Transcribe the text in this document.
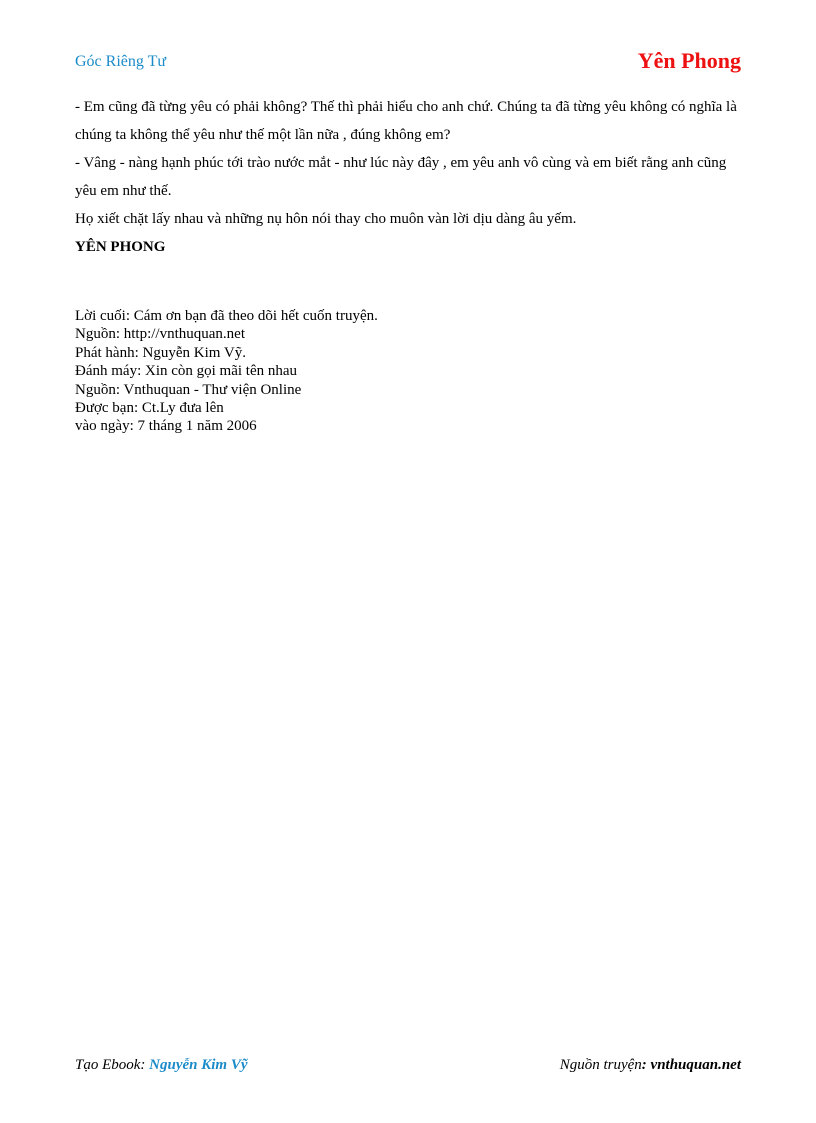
Góc Riêng Tư	Yên Phong

- Em cũng đã từng yêu có phải không? Thế thì phải hiểu cho anh chứ. Chúng ta đã từng yêu không có nghĩa là chúng ta không thể yêu như thế một lần nữa , đúng không em?

- Vâng - nàng hạnh phúc tới trào nước mắt - như lúc này đây , em yêu anh vô cùng và em biết rằng anh cũng yêu em như thế.

Họ xiết chặt lấy nhau và những nụ hôn nói thay cho muôn vàn lời dịu dàng âu yếm.

YÊN PHONG

Lời cuối: Cám ơn bạn đã theo dõi hết cuốn truyện.
Nguồn: http://vnthuquan.net
Phát hành: Nguyễn Kim Vỹ.
Đánh máy: Xin còn gọi mãi tên nhau
Nguồn: Vnthuquan - Thư viện Online
Được bạn: Ct.Ly đưa lên
vào ngày: 7 tháng 1 năm 2006
Tạo Ebook: Nguyễn Kim Vỹ	Nguồn truyện: vnthuquan.net
